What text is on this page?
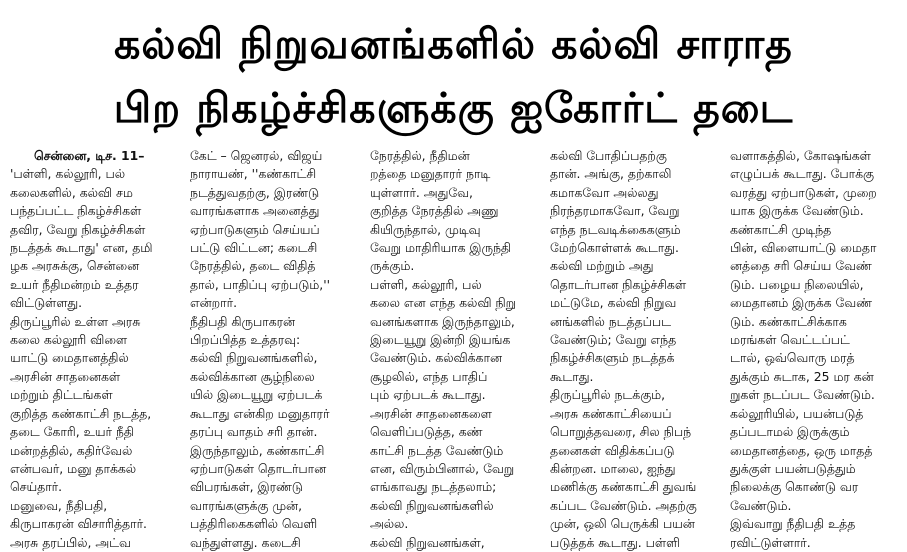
கல்வி நிறுவனங்களில் கல்வி சாராத
பிற நிகழ்ச்சிகளுக்கு ஐகோர்ட் தடை
சென்னை, டிச. 11–
'பள்ளி, கல்லூரி, பல்
கலைகளில், கல்வி சம
பந்தப்பட்ட நிகழ்ச்சிகள்
தவிர, வேறு நிகழ்ச்சிகள்
நடத்தக் கூடாது' என, தமி
ழக அரசுக்கு, சென்னை
உயர் நீதிமன்றம் உத்தர
விட்டுள்ளது.
திருப்பூரில் உள்ள அரசு
கலை கல்லூரி விளை
யாட்டு மைதானத்தில்
அரசின் சாதனைகள்
மற்றும் திட்டங்கள்
குறித்த கண்காட்சி நடத்த,
தடை கோரி, உயர் நீதி
மன்றத்தில், கதிர்வேல்
என்பவர், மனு தாக்கல்
செய்தார்.
மனுவை, நீதிபதி,
கிருபாகரன் விசாரித்தார்.
அரசு தரப்பில், அட்வ
கேட் – ஜெனரல், விஜய்
நாராயண், ''கண்காட்சி
நடத்துவதற்கு, இரண்டு
வாரங்களாக அனைத்து
ஏற்பாடுகளும் செய்யப்
பட்டு விட்டன; கடைசி
நேரத்தில், தடை விதித்
தால், பாதிப்பு ஏற்படும்,''
என்றார்.
நீதிபதி கிருபாகரன்
பிறப்பித்த உத்தரவு:
கல்வி நிறுவனங்களில்,
கல்விக்கான சூழ்நிலை
யில் இடையூறு ஏற்படக்
கூடாது என்கிற மனுதாரர்
தரப்பு வாதம் சரி தான்.
இருந்தாலும், கண்காட்சி
ஏற்பாடுகள் தொடர்பான
விபரங்கள், இரண்டு
வாரங்களுக்கு முன்,
பத்திரிகைகளில் வெளி
வந்துள்ளது. கடைசி
நேரத்தில், நீதிமன்
றத்தை மனுதாரர் நாடி
யுள்ளார். அதுவே,
குறித்த நேரத்தில் அணு
கியிருந்தால், முடிவு
வேறு மாதிரியாக இருந்தி
ருக்கும்.
பள்ளி, கல்லூரி, பல்
கலை என எந்த கல்வி நிறு
வனங்களாக இருந்தாலும்,
இடையூறு இன்றி இயங்க
வேண்டும். கல்விக்கான
சூழலில், எந்த பாதிப்
பும் ஏற்படக் கூடாது.
அரசின் சாதனைகளை
வெளிப்படுத்த, கண்
காட்சி நடத்த வேண்டும்
என, விரும்பினால், வேறு
எங்காவது நடத்தலாம்;
கல்வி நிறுவனங்களில்
அல்ல.
கல்வி நிறுவனங்கள்,
கல்வி போதிப்பதற்கு
தான். அங்கு, தற்காலி
கமாகவோ அல்லது
நிரந்தரமாகவோ, வேறு
எந்த நடவடிக்கைகளும்
மேற்கொள்ளக் கூடாது.
கல்வி மற்றும் அது
தொடர்பான நிகழ்ச்சிகள்
மட்டுமே, கல்வி நிறுவ
னங்களில் நடத்தப்பட
வேண்டும்; வேறு எந்த
நிகழ்ச்சிகளும் நடத்தக்
கூடாது.
திருப்பூரில் நடக்கும்,
அரசு கண்காட்சியைப்
பொறுத்தவரை, சில நிபந்
தனைகள் விதிக்கப்படு
கின்றன. மாலை, ஐந்து
மணிக்கு கண்காட்சி துவங்
கப்பட வேண்டும். அதற்கு
முன், ஒலி பெருக்கி பயன்
படுத்தக் கூடாது. பள்ளி
வளாகத்தில், கோஷங்கள்
எழுப்பக் கூடாது. போக்கு
வரத்து ஏற்பாடுகள், முறை
யாக இருக்க வேண்டும்.
கண்காட்சி முடிந்த
பின், விளையாட்டு மைதா
னத்தை சரி செய்ய வேண்
டும். பழைய நிலையில்,
மைதானம் இருக்க வேண்
டும். கண்காட்சிக்காக
மரங்கள் வெட்டப்பட்
டால், ஒவ்வொரு மரத்
துக்கும் சுடாக, 25 மர கன்
றுகள் நடப்பட வேண்டும்.
கல்லூரியில், பயன்படுத்
தப்படாமல் இருக்கும்
மைதானத்தை, ஒரு மாதத்
துக்குள் பயன்படுத்தும்
நிலைக்கு கொண்டு வர
வேண்டும்.
இவ்வாறு நீதிபதி உத்த
ரவிட்டுள்ளார்.
